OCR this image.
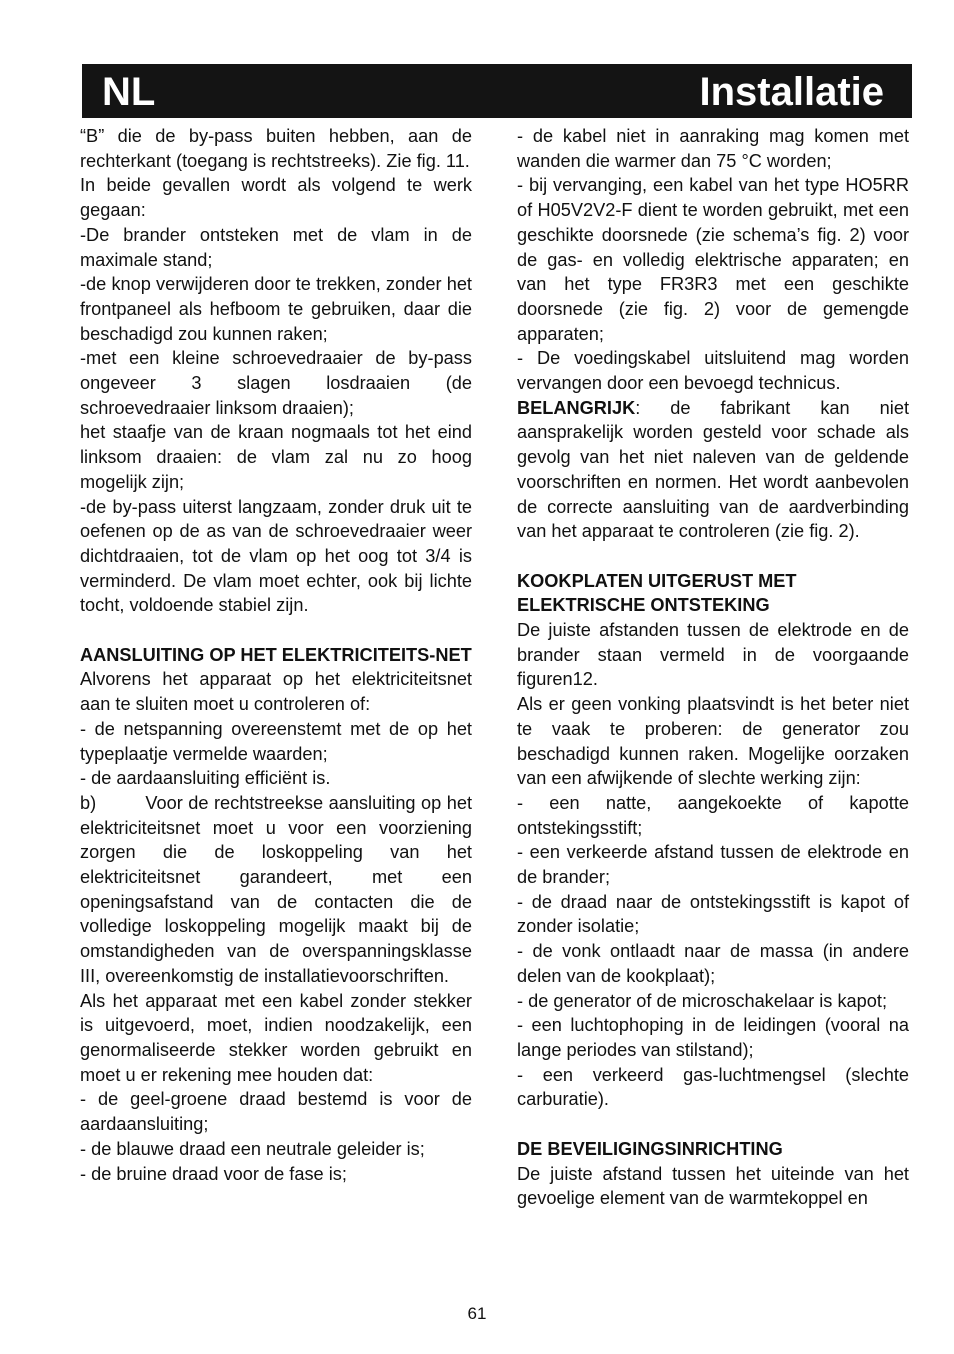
NL	Installatie

“B” die de by-pass buiten hebben, aan de rechterkant (toegang is rechtstreeks). Zie fig. 11.

In beide gevallen wordt als volgend te werk gegaan:

-De brander ontsteken met de vlam in de maximale stand;

-de knop verwijderen door te trekken, zonder het frontpaneel als hefboom te gebruiken, daar die beschadigd zou kunnen raken;

-met een kleine schroevedraaier de by-pass ongeveer 3 slagen losdraaien (de schroevedraaier linksom draaien);

het staafje van de kraan nogmaals tot het eind linksom draaien: de vlam zal nu zo hoog mogelijk zijn;

-de by-pass uiterst langzaam, zonder druk uit te oefenen op de as van de schroevedraaier weer dichtdraaien, tot de vlam op het oog tot 3/4 is verminderd. De vlam moet echter, ook bij lichte tocht, voldoende stabiel zijn.

AANSLUITING OP HET ELEKTRICITEITS-NET

Alvorens het apparaat op het elektriciteitsnet aan te sluiten moet u controleren of:

- de netspanning overeenstemt met de op het typeplaatje vermelde waarden;

- de aardaansluiting efficiënt is.

b)         Voor de rechtstreekse aansluiting op het elektriciteitsnet moet u voor een voorziening zorgen die de loskoppeling van het elektriciteitsnet garandeert, met een openingsafstand van de contacten die de volledige loskoppeling mogelijk maakt bij de omstandigheden van de overspanningsklasse III, overeenkomstig de installatievoorschriften.

Als het apparaat met een kabel zonder stekker is uitgevoerd, moet, indien noodzakelijk, een genormaliseerde stekker worden gebruikt en moet u er rekening mee houden dat:

- de geel-groene draad bestemd is voor de aardaansluiting;

- de blauwe draad een neutrale geleider is;

- de bruine draad voor de fase is;

- de kabel niet in aanraking mag komen met wanden die warmer dan 75 °C worden;

- bij vervanging, een kabel van het type HO5RR of H05V2V2-F dient te worden gebruikt, met een geschikte doorsnede (zie schema’s fig. 2) voor de gas- en volledig elektrische apparaten; en van het type FR3R3 met een geschikte doorsnede (zie fig. 2) voor de gemengde apparaten;

- De voedingskabel uitsluitend mag worden vervangen door een bevoegd technicus.

BELANGRIJK: de fabrikant kan niet aansprakelijk worden gesteld voor schade als gevolg van het niet naleven van de geldende voorschriften en normen. Het wordt aanbevolen de correcte aansluiting van de aardverbinding van het apparaat te controleren (zie fig. 2).

KOOKPLATEN UITGERUST MET ELEKTRISCHE ONTSTEKING

De juiste afstanden tussen de elektrode en de brander staan vermeld in de voorgaande figuren12.

Als er geen vonking plaatsvindt is het beter niet te vaak te proberen: de generator zou beschadigd kunnen raken. Mogelijke oorzaken van een afwijkende of slechte werking zijn:

- een natte, aangekoekte of kapotte ontstekingsstift;

- een verkeerde afstand tussen de elektrode en de brander;

- de draad naar de ontstekingsstift is kapot of zonder isolatie;

- de vonk ontlaadt naar de massa (in andere delen van de kookplaat);

- de generator of de microschakelaar is kapot;

- een luchtophoping in de leidingen (vooral na lange periodes van stilstand);

- een verkeerd gas-luchtmengsel (slechte carburatie).

DE BEVEILIGINGSINRICHTING

De juiste afstand tussen het uiteinde van het gevoelige element van de warmtekoppel en

61
